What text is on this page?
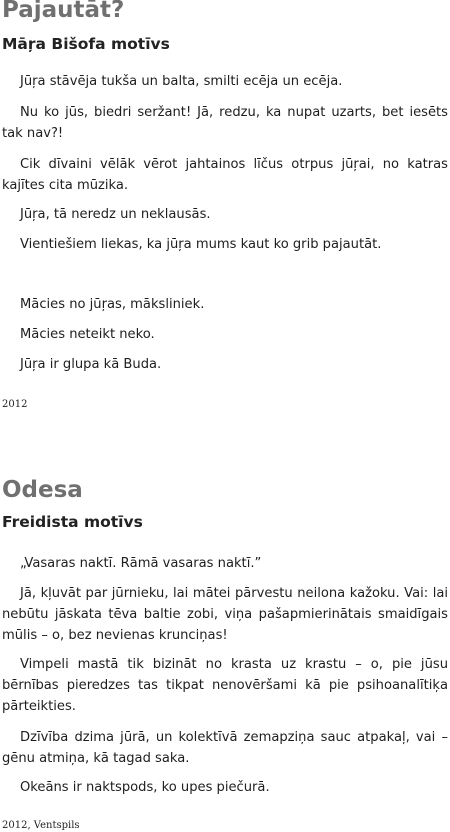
Pajautāt?
Māŗa Bišofa motīvs

Jūŗa stāvēja tukša un balta, smilti ecēja un ecēja.

Nu ko jūs, biedri seržant! Jā, redzu, ka nupat uzarts, bet iesēts tak nav?!

Cik dīvaini vēlāk vērot jahtainos līčus otrpus jūŗai, no katras kajītes cita mūzika.

Jūŗa, tā neredz un neklausās.

Vientiešiem liekas, ka jūŗa mums kaut ko grib pajautāt.

Mācies no jūŗas, mākslinie​k.

Mācies neteikt neko.

Jūŗa ir glupa kā Buda.

2012

Odesa
Freidista motīvs

„Vasaras naktī. Rāmā vasaras naktī.”

Jā, kļuvāt par jūrnieku, lai mātei pārvestu neilona kažoku. Vai: lai nebūtu jāskata tēva baltie zobi, viņa pašapmierinātais smaidīgais mūlis – o, bez nevienas krunciņas!

Vimpeli mastā tik bizināt no krasta uz krastu – o, pie jūsu bērnības pieredzes tas tikpat nenovēršami kā pie psihoanalītiķa pārteikties.

Dzīvība dzima jūrā, un kolektīvā zemapziņa sauc atpakaļ, vai – gēnu atmiņa, kā tagad saka.

Okeāns ir naktspods, ko upes piečurā.

2012, Ventspils
